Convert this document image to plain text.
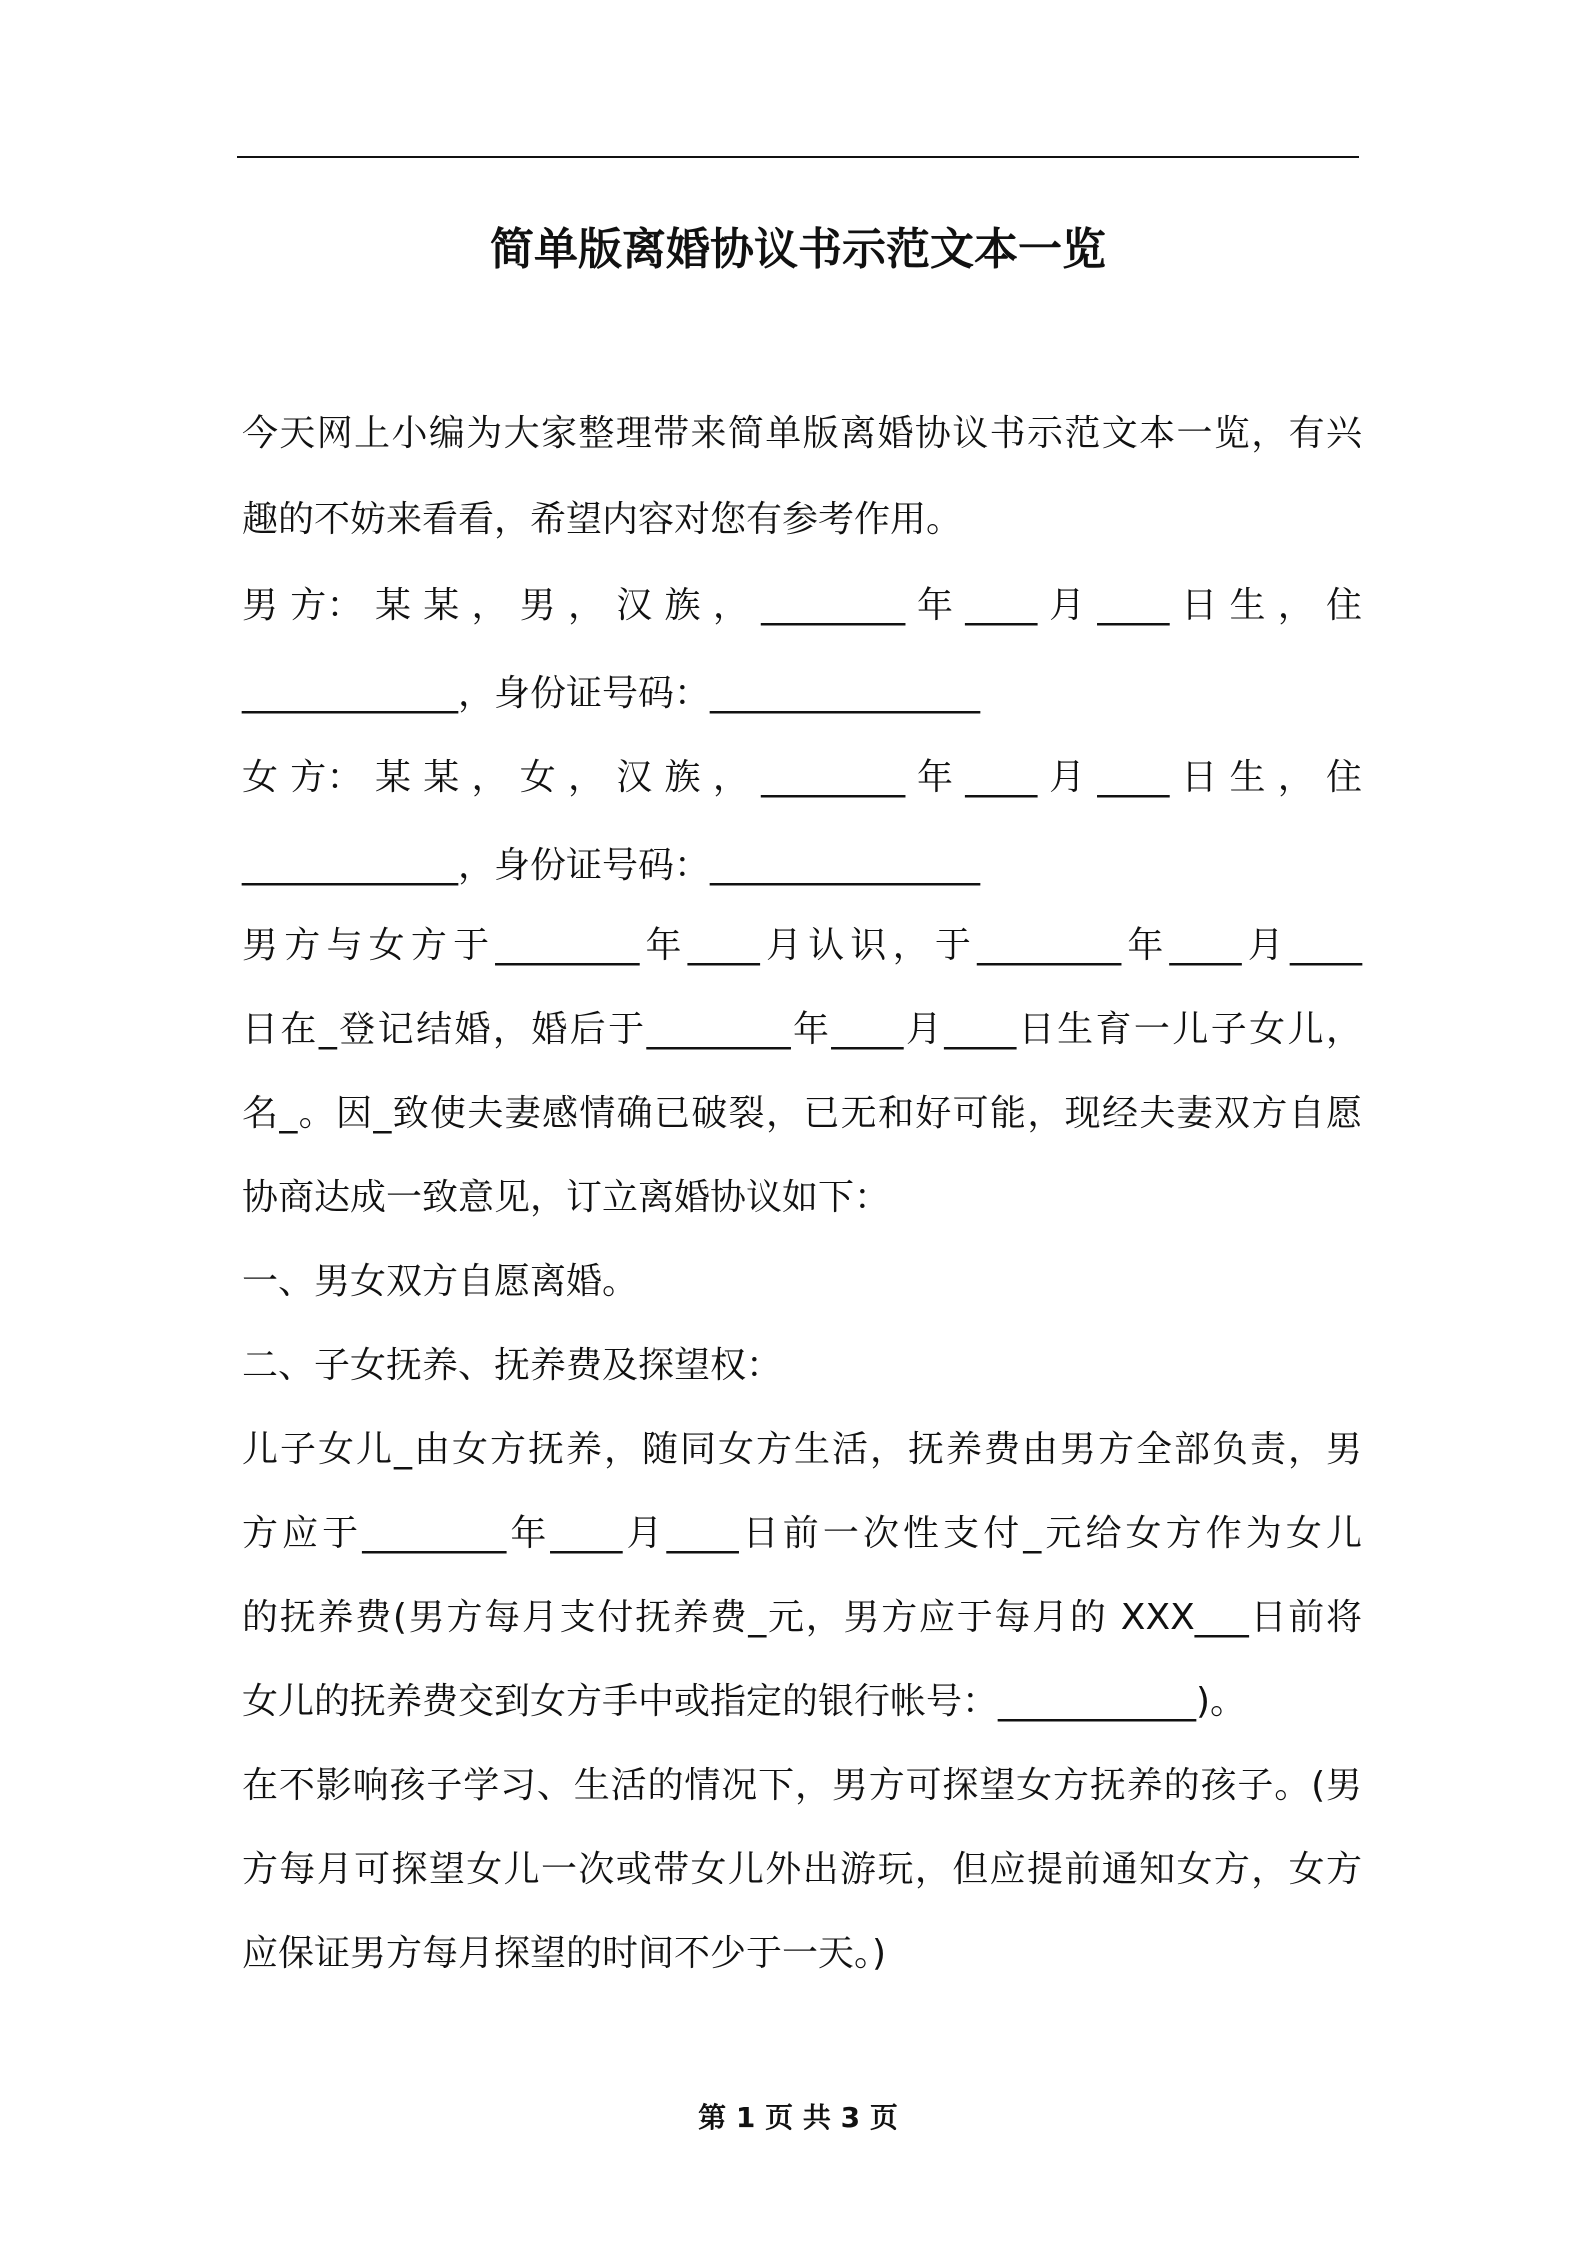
简单版离婚协议书示范文本一览
今天网上小编为大家整理带来简单版离婚协议书示范文本一览，有兴
趣的不妨来看看，希望内容对您有参考作用。
男 方： 某 某 ， 男 ， 汉 族 ， ________ 年 ____ 月 ____ 日 生 ， 住
____________，身份证号码：_______________
女 方： 某 某 ， 女 ， 汉 族 ， ________ 年 ____ 月 ____ 日 生 ， 住
____________，身份证号码：_______________
男方与女方于________年____月认识，于________年____月____
日在_登记结婚，婚后于________年____月____日生育一儿子女儿，
名_。因_致使夫妻感情确已破裂，已无和好可能，现经夫妻双方自愿
协商达成一致意见，订立离婚协议如下：
一、男女双方自愿离婚。
二、子女抚养、抚养费及探望权：
儿子女儿_由女方抚养，随同女方生活，抚养费由男方全部负责，男
方应于________年____月____日前一次性支付_元给女方作为女儿
的抚养费(男方每月支付抚养费_元，男方应于每月的 XXX___日前将
女儿的抚养费交到女方手中或指定的银行帐号：___________)。
在不影响孩子学习、生活的情况下，男方可探望女方抚养的孩子。(男
方每月可探望女儿一次或带女儿外出游玩，但应提前通知女方，女方
应保证男方每月探望的时间不少于一天。)
第 1 页 共 3 页
